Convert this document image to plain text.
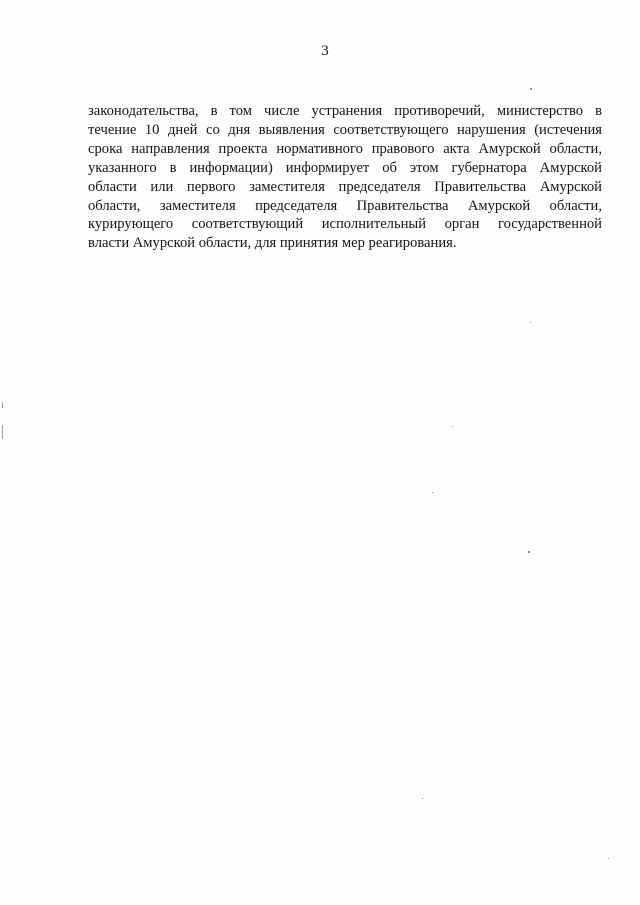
3
законодательства, в том числе устранения противоречий, министерство в
течение 10 дней со дня выявления соответствующего нарушения (истечения
срока направления проекта нормативного правового акта Амурской области,
указанного в информации) информирует об этом губернатора Амурской
области или первого заместителя председателя Правительства Амурской
области, заместителя председателя Правительства Амурской области,
курирующего соответствующий исполнительный орган государственной
власти Амурской области, для принятия мер реагирования.
